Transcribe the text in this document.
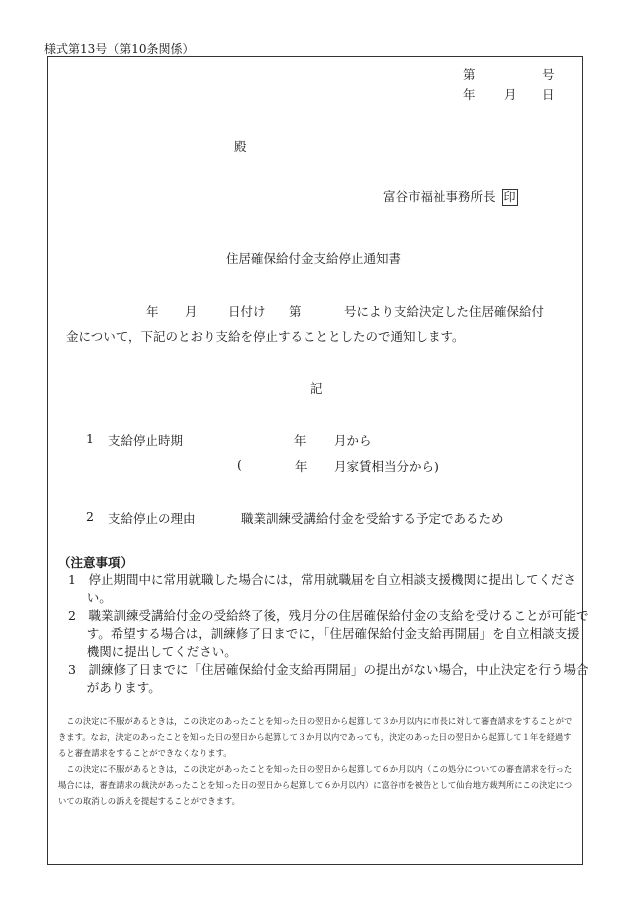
様式第13号（第10条関係）
第	号
年 月 日
殿
富谷市福祉事務所長 印
住居確保給付金支給停止通知書
年 月 日付け 第	号により支給決定した住居確保給付
金について，下記のとおり支給を停止することとしたので通知します。
記
1 支給停止時期	年 月から
(	年 月家賃相当分から)
2 支給停止の理由	職業訓練受講給付金を受給する予定であるため
（注意事項）
1　停止期間中に常用就職した場合には，常用就職届を自立相談支援機関に提出してください。
2　職業訓練受講給付金の受給終了後，残月分の住居確保給付金の支給を受けることが可能です。希望する場合は，訓練修了日までに，「住居確保給付金支給再開届」を自立相談支援機関に提出してください。
3　訓練修了日までに「住居確保給付金支給再開届」の提出がない場合，中止決定を行う場合があります。
この決定に不服があるときは，この決定のあったことを知った日の翌日から起算して３か月以内に市長に対して審査請求をすることができます。なお，決定のあったことを知った日の翌日から起算して３か月以内であっても，決定のあった日の翌日から起算して１年を経過すると審査請求をすることができなくなります。
この決定に不服があるときは，この決定があったことを知った日の翌日から起算して６か月以内（この処分についての審査請求を行った場合には，審査請求の裁決があったことを知った日の翌日から起算して６か月以内）に富谷市を被告として仙台地方裁判所にこの決定についての取消しの訴えを提起することができます。
